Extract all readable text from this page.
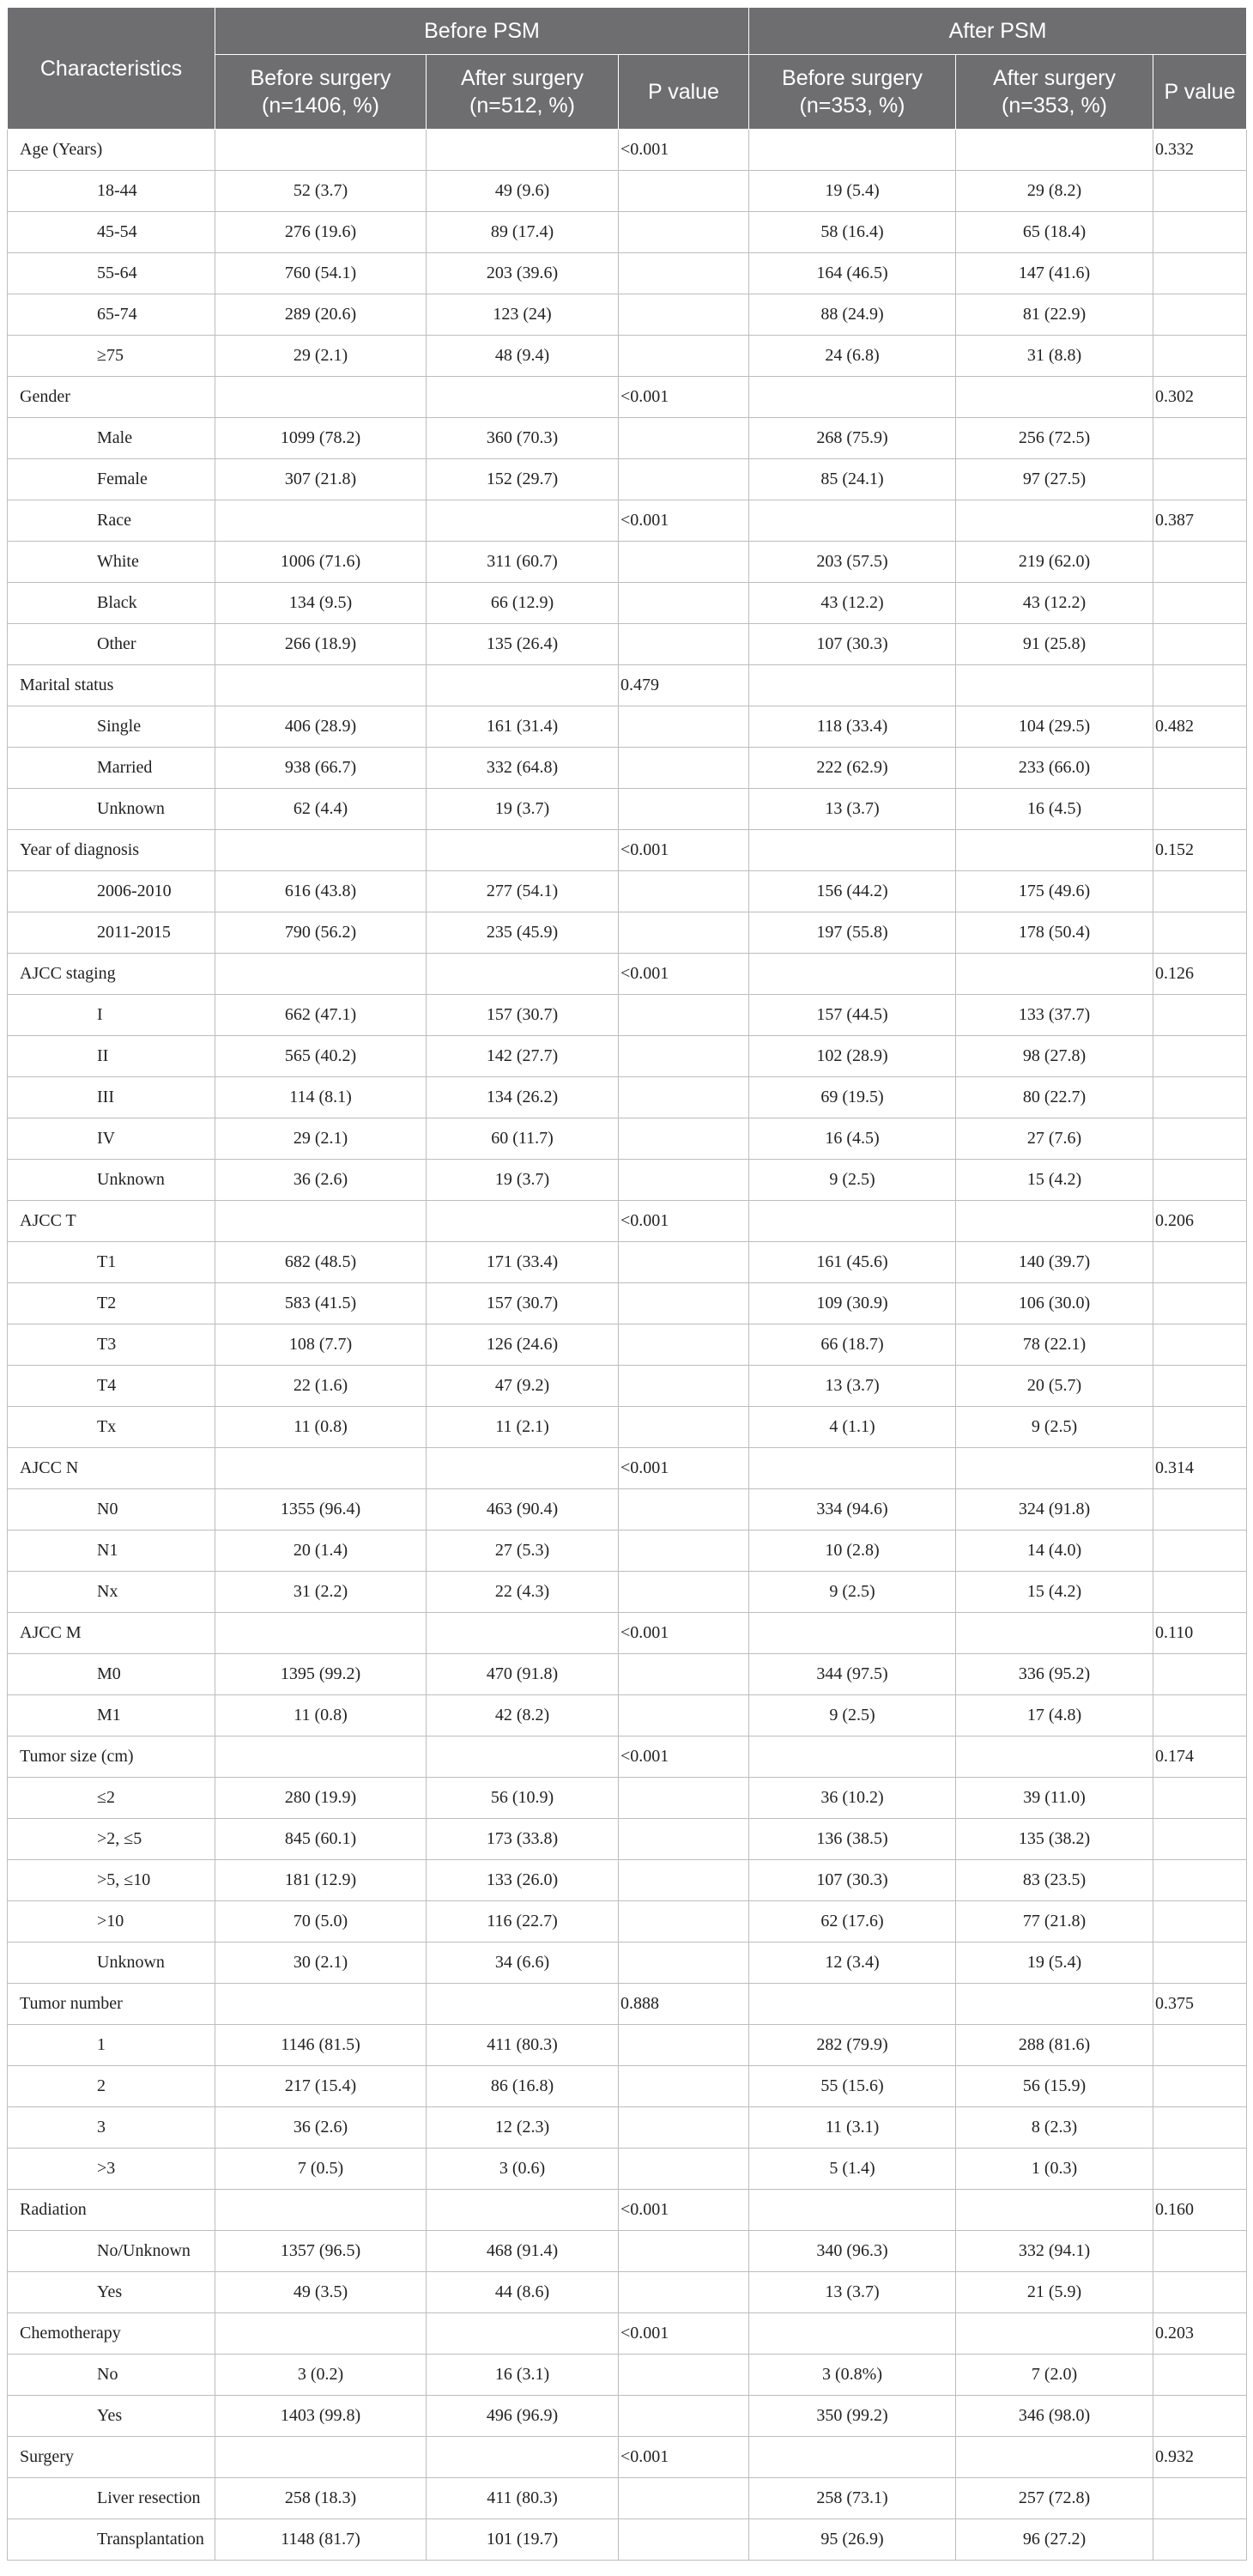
Characteristics	Before PSM			After PSM		
	Before surgery (n=1406, %)	After surgery (n=512, %)	P value	Before surgery (n=353, %)	After surgery (n=353, %)	P value
Age (Years)			<0.001			0.332
18-44	52 (3.7)	49 (9.6)		19 (5.4)	29 (8.2)	
45-54	276 (19.6)	89 (17.4)		58 (16.4)	65 (18.4)	
55-64	760 (54.1)	203 (39.6)		164 (46.5)	147 (41.6)	
65-74	289 (20.6)	123 (24)		88 (24.9)	81 (22.9)	
≥75	29 (2.1)	48 (9.4)		24 (6.8)	31 (8.8)	
Gender			<0.001			0.302
Male	1099 (78.2)	360 (70.3)		268 (75.9)	256 (72.5)	
Female	307 (21.8)	152 (29.7)		85 (24.1)	97 (27.5)	
Race			<0.001			0.387
White	1006 (71.6)	311 (60.7)		203 (57.5)	219 (62.0)	
Black	134 (9.5)	66 (12.9)		43 (12.2)	43 (12.2)	
Other	266 (18.9)	135 (26.4)		107 (30.3)	91 (25.8)	
Marital status			0.479			
Single	406 (28.9)	161 (31.4)		118 (33.4)	104 (29.5)	0.482
Married	938 (66.7)	332 (64.8)		222 (62.9)	233 (66.0)	
Unknown	62 (4.4)	19 (3.7)		13 (3.7)	16 (4.5)	
Year of diagnosis			<0.001			0.152
2006-2010	616 (43.8)	277 (54.1)		156 (44.2)	175 (49.6)	
2011-2015	790 (56.2)	235 (45.9)		197 (55.8)	178 (50.4)	
AJCC staging			<0.001			0.126
I	662 (47.1)	157 (30.7)		157 (44.5)	133 (37.7)	
II	565 (40.2)	142 (27.7)		102 (28.9)	98 (27.8)	
III	114 (8.1)	134 (26.2)		69 (19.5)	80 (22.7)	
IV	29 (2.1)	60 (11.7)		16 (4.5)	27 (7.6)	
Unknown	36 (2.6)	19 (3.7)		9 (2.5)	15 (4.2)	
AJCC T			<0.001			0.206
T1	682 (48.5)	171 (33.4)		161 (45.6)	140 (39.7)	
T2	583 (41.5)	157 (30.7)		109 (30.9)	106 (30.0)	
T3	108 (7.7)	126 (24.6)		66 (18.7)	78 (22.1)	
T4	22 (1.6)	47 (9.2)		13 (3.7)	20 (5.7)	
Tx	11 (0.8)	11 (2.1)		4 (1.1)	9 (2.5)	
AJCC N			<0.001			0.314
N0	1355 (96.4)	463 (90.4)		334 (94.6)	324 (91.8)	
N1	20 (1.4)	27 (5.3)		10 (2.8)	14 (4.0)	
Nx	31 (2.2)	22 (4.3)		9 (2.5)	15 (4.2)	
AJCC M			<0.001			0.110
M0	1395 (99.2)	470 (91.8)		344 (97.5)	336 (95.2)	
M1	11 (0.8)	42 (8.2)		9 (2.5)	17 (4.8)	
Tumor size (cm)			<0.001			0.174
≤2	280 (19.9)	56 (10.9)		36 (10.2)	39 (11.0)	
>2, ≤5	845 (60.1)	173 (33.8)		136 (38.5)	135 (38.2)	
>5, ≤10	181 (12.9)	133 (26.0)		107 (30.3)	83 (23.5)	
>10	70 (5.0)	116 (22.7)		62 (17.6)	77 (21.8)	
Unknown	30 (2.1)	34 (6.6)		12 (3.4)	19 (5.4)	
Tumor number			0.888			0.375
1	1146 (81.5)	411 (80.3)		282 (79.9)	288 (81.6)	
2	217 (15.4)	86 (16.8)		55 (15.6)	56 (15.9)	
3	36 (2.6)	12 (2.3)		11 (3.1)	8 (2.3)	
>3	7 (0.5)	3 (0.6)		5 (1.4)	1 (0.3)	
Radiation			<0.001			0.160
No/Unknown	1357 (96.5)	468 (91.4)		340 (96.3)	332 (94.1)	
Yes	49 (3.5)	44 (8.6)		13 (3.7)	21 (5.9)	
Chemotherapy			<0.001			0.203
No	3 (0.2)	16 (3.1)		3 (0.8%)	7 (2.0)	
Yes	1403 (99.8)	496 (96.9)		350 (99.2)	346 (98.0)	
Surgery			<0.001			0.932
Liver resection	258 (18.3)	411 (80.3)		258 (73.1)	257 (72.8)	
Transplantation	1148 (81.7)	101 (19.7)		95 (26.9)	96 (27.2)	
